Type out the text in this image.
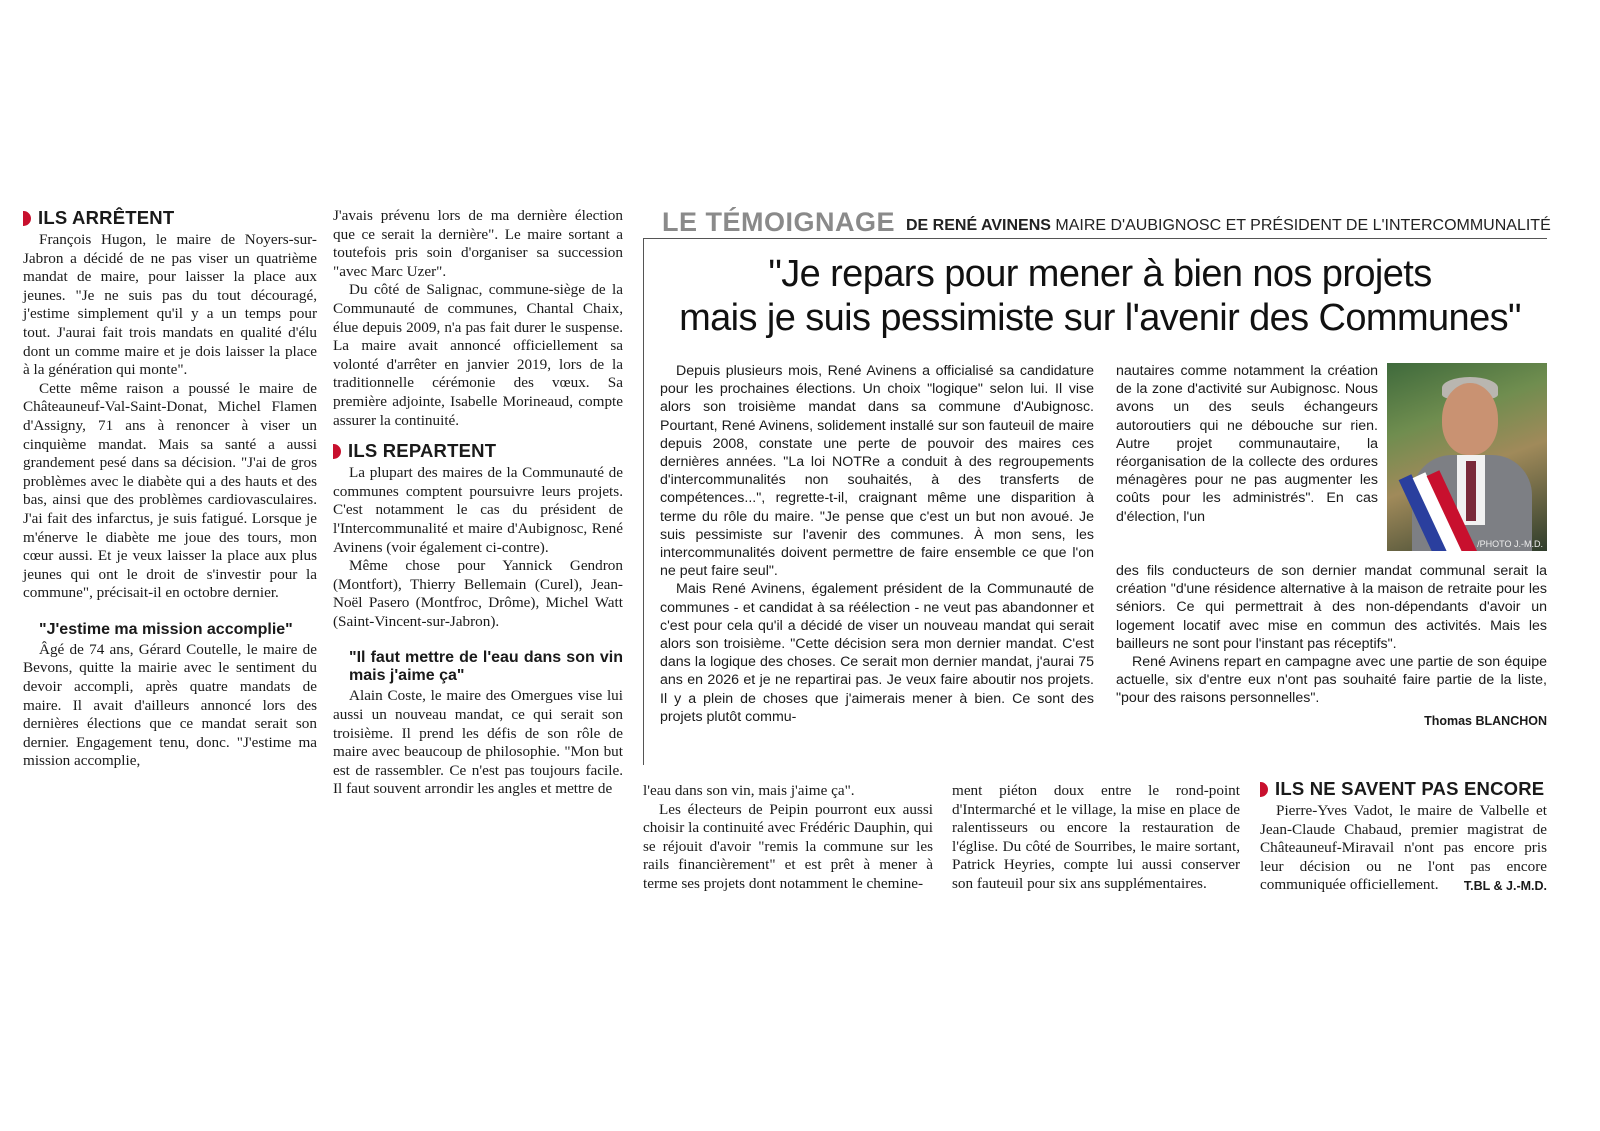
ILS ARRÊTENT

François Hugon, le maire de Noyers-sur-Jabron a décidé de ne pas viser un quatrième mandat de maire, pour laisser la place aux jeunes. "Je ne suis pas du tout découragé, j'estime simplement qu'il y a un temps pour tout. J'aurai fait trois mandats en qualité d'élu dont un comme maire et je dois laisser la place à la génération qui monte".

Cette même raison a poussé le maire de Châteauneuf-Val-Saint-Donat, Michel Flamen d'Assigny, 71 ans à renoncer à viser un cinquième mandat. Mais sa santé a aussi grandement pesé dans sa décision. "J'ai de gros problèmes avec le diabète qui a des hauts et des bas, ainsi que des problèmes cardiovasculaires. J'ai fait des infarctus, je suis fatigué. Lorsque je m'énerve le diabète me joue des tours, mon cœur aussi. Et je veux laisser la place aux plus jeunes qui ont le droit de s'investir pour la commune", précisait-il en octobre dernier.

"J'estime ma mission accomplie"

Âgé de 74 ans, Gérard Coutelle, le maire de Bevons, quitte la mairie avec le sentiment du devoir accompli, après quatre mandats de maire. Il avait d'ailleurs annoncé lors des dernières élections que ce mandat serait son dernier. Engagement tenu, donc. "J'estime ma mission accomplie,

J'avais prévenu lors de ma dernière élection que ce serait la dernière". Le maire sortant a toutefois pris soin d'organiser sa succession "avec Marc Uzer".

Du côté de Salignac, commune-siège de la Communauté de communes, Chantal Chaix, élue depuis 2009, n'a pas fait durer le suspense. La maire avait annoncé officiellement sa volonté d'arrêter en janvier 2019, lors de la traditionnelle cérémonie des vœux. Sa première adjointe, Isabelle Morineaud, compte assurer la continuité.

ILS REPARTENT

La plupart des maires de la Communauté de communes comptent poursuivre leurs projets. C'est notamment le cas du président de l'Intercommunalité et maire d'Aubignosc, René Avinens (voir également ci-contre).

Même chose pour Yannick Gendron (Montfort), Thierry Bellemain (Curel), Jean-Noël Pasero (Montfroc, Drôme), Michel Watt (Saint-Vincent-sur-Jabron).

"Il faut mettre de l'eau dans son vin mais j'aime ça"

Alain Coste, le maire des Omergues vise lui aussi un nouveau mandat, ce qui serait son troisième. Il prend les défis de son rôle de maire avec beaucoup de philosophie. "Mon but est de rassembler. Ce n'est pas toujours facile. Il faut souvent arrondir les angles et mettre de

LE TÉMOIGNAGE DE RENÉ AVINENS MAIRE D'AUBIGNOSC ET PRÉSIDENT DE L'INTERCOMMUNALITÉ
"Je repars pour mener à bien nos projets
mais je suis pessimiste sur l'avenir des Communes"

Depuis plusieurs mois, René Avinens a officialisé sa candidature pour les prochaines élections. Un choix "logique" selon lui. Il vise alors son troisième mandat dans sa commune d'Aubignosc. Pourtant, René Avinens, solidement installé sur son fauteuil de maire depuis 2008, constate une perte de pouvoir des maires ces dernières années. "La loi NOTRe a conduit à des regroupements d'intercommunalités non souhaités, à des transferts de compétences...", regrette-t-il, craignant même une disparition à terme du rôle du maire. "Je pense que c'est un but non avoué. Je suis pessimiste sur l'avenir des communes. À mon sens, les intercommunalités doivent permettre de faire ensemble ce que l'on ne peut faire seul".

Mais René Avinens, également président de la Communauté de communes - et candidat à sa réélection - ne veut pas abandonner et c'est pour cela qu'il a décidé de viser un nouveau mandat qui serait alors son troisième. "Cette décision sera mon dernier mandat. C'est dans la logique des choses. Ce serait mon dernier mandat, j'aurai 75 ans en 2026 et je ne repartirai pas. Je veux faire aboutir nos projets. Il y a plein de choses que j'aimerais mener à bien. Ce sont des projets plutôt commu-

nautaires comme notamment la création de la zone d'activité sur Aubignosc. Nous avons un des seuls échangeurs autoroutiers qui ne débouche sur rien. Autre projet communautaire, la réorganisation de la collecte des ordures ménagères pour ne pas augmenter les coûts pour les administrés". En cas d'élection, l'un

/PHOTO J.-M.D.

des fils conducteurs de son dernier mandat communal serait la création "d'une résidence alternative à la maison de retraite pour les séniors. Ce qui permettrait à des non-dépendants d'avoir un logement locatif avec mise en commun des activités. Mais les bailleurs ne sont pour l'instant pas réceptifs".

René Avinens repart en campagne avec une partie de son équipe actuelle, six d'entre eux n'ont pas souhaité faire partie de la liste, "pour des raisons personnelles".

Thomas BLANCHON

l'eau dans son vin, mais j'aime ça".

Les électeurs de Peipin pourront eux aussi choisir la continuité avec Frédéric Dauphin, qui se réjouit d'avoir "remis la commune sur les rails financièrement" et est prêt à mener à terme ses projets dont notamment le chemine-

ment piéton doux entre le rond-point d'Intermarché et le village, la mise en place de ralentisseurs ou encore la restauration de l'église. Du côté de Sourribes, le maire sortant, Patrick Heyries, compte lui aussi conserver son fauteuil pour six ans supplémentaires.

ILS NE SAVENT PAS ENCORE

Pierre-Yves Vadot, le maire de Valbelle et Jean-Claude Chabaud, premier magistrat de Châteauneuf-Miravail n'ont pas encore pris leur décision ou ne l'ont pas encore communiquée officiellement.	T.BL & J.-M.D.
